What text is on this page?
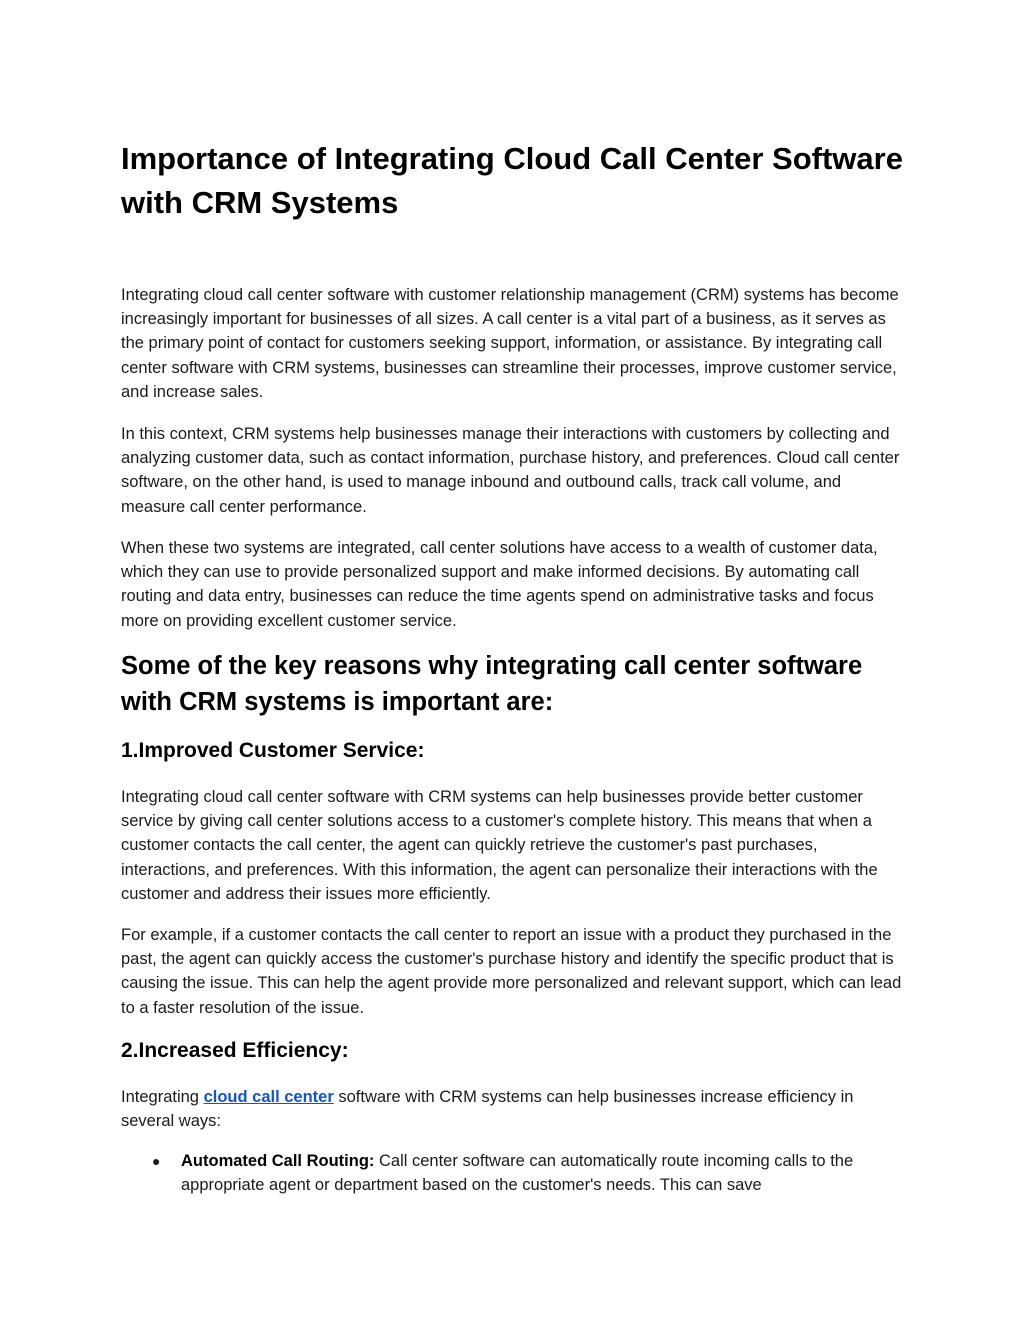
Importance of Integrating Cloud Call Center Software with CRM Systems

Integrating cloud call center software with customer relationship management (CRM) systems has become increasingly important for businesses of all sizes. A call center is a vital part of a business, as it serves as the primary point of contact for customers seeking support, information, or assistance. By integrating call center software with CRM systems, businesses can streamline their processes, improve customer service, and increase sales.

In this context, CRM systems help businesses manage their interactions with customers by collecting and analyzing customer data, such as contact information, purchase history, and preferences. Cloud call center software, on the other hand, is used to manage inbound and outbound calls, track call volume, and measure call center performance.

When these two systems are integrated, call center solutions have access to a wealth of customer data, which they can use to provide personalized support and make informed decisions. By automating call routing and data entry, businesses can reduce the time agents spend on administrative tasks and focus more on providing excellent customer service.

Some of the key reasons why integrating call center software with CRM systems is important are:
1.Improved Customer Service:

Integrating cloud call center software with CRM systems can help businesses provide better customer service by giving call center solutions access to a customer's complete history. This means that when a customer contacts the call center, the agent can quickly retrieve the customer's past purchases, interactions, and preferences. With this information, the agent can personalize their interactions with the customer and address their issues more efficiently.

For example, if a customer contacts the call center to report an issue with a product they purchased in the past, the agent can quickly access the customer's purchase history and identify the specific product that is causing the issue. This can help the agent provide more personalized and relevant support, which can lead to a faster resolution of the issue.

2.Increased Efficiency:

Integrating cloud call center software with CRM systems can help businesses increase efficiency in several ways:

● Automated Call Routing: Call center software can automatically route incoming calls to the appropriate agent or department based on the customer's needs. This can save
